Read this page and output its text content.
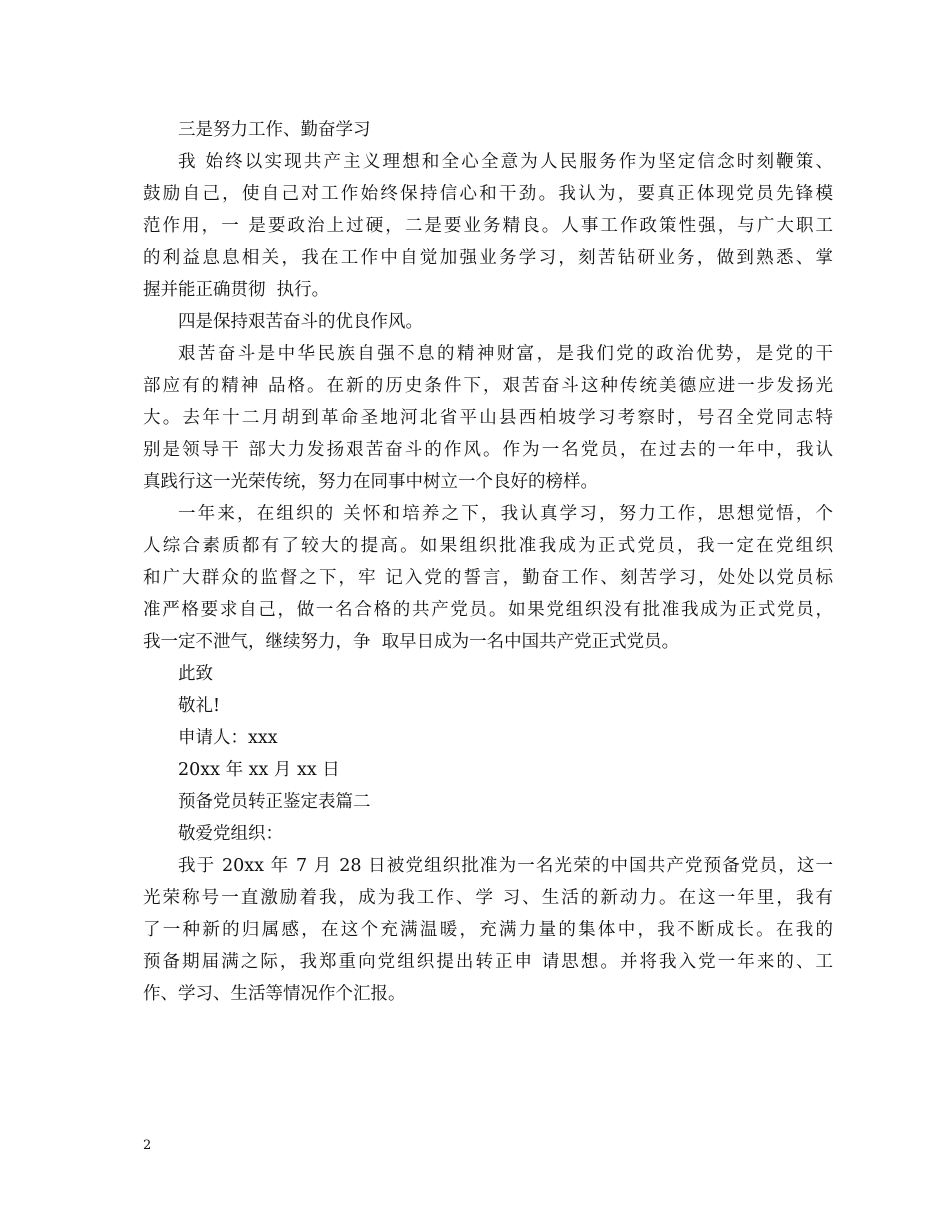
三是努力工作、勤奋学习
我 始终以实现共产主义理想和全心全意为人民服务作为坚定信念时刻鞭策、
鼓励自己，使自己对工作始终保持信心和干劲。我认为，要真正体现党员先锋模
范作用，一 是要政治上过硬，二是要业务精良。人事工作政策性强，与广大职工
的利益息息相关，我在工作中自觉加强业务学习，刻苦钻研业务，做到熟悉、掌
握并能正确贯彻  执行。
四是保持艰苦奋斗的优良作风。
艰苦奋斗是中华民族自强不息的精神财富，是我们党的政治优势，是党的干
部应有的精神 品格。在新的历史条件下，艰苦奋斗这种传统美德应进一步发扬光
大。去年十二月胡到革命圣地河北省平山县西柏坡学习考察时，号召全党同志特
别是领导干 部大力发扬艰苦奋斗的作风。作为一名党员，在过去的一年中，我认
真践行这一光荣传统，努力在同事中树立一个良好的榜样。
一年来，在组织的 关怀和培养之下，我认真学习，努力工作，思想觉悟，个
人综合素质都有了较大的提高。如果组织批准我成为正式党员，我一定在党组织
和广大群众的监督之下，牢 记入党的誓言，勤奋工作、刻苦学习，处处以党员标
准严格要求自己，做一名合格的共产党员。如果党组织没有批准我成为正式党员，
我一定不泄气，继续努力，争  取早日成为一名中国共产党正式党员。
此致
敬礼!
申请人：xxx
20xx 年 xx 月 xx 日
预备党员转正鉴定表篇二
敬爱党组织：
我于 20xx 年 7 月 28 日被党组织批准为一名光荣的中国共产党预备党员，这一
光荣称号一直激励着我，成为我工作、学 习、生活的新动力。在这一年里，我有
了一种新的归属感，在这个充满温暖，充满力量的集体中，我不断成长。在我的
预备期届满之际，我郑重向党组织提出转正申 请思想。并将我入党一年来的、工
作、学习、生活等情况作个汇报。
2
